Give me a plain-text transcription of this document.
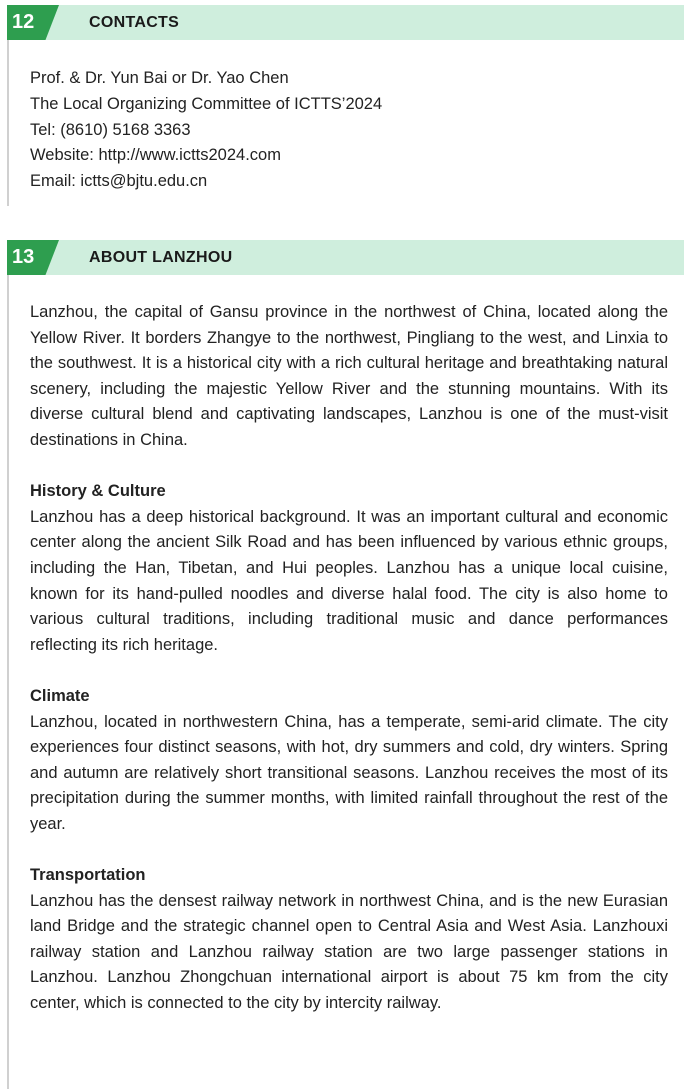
12	CONTACTS
Prof. & Dr. Yun Bai or Dr. Yao Chen
The Local Organizing Committee of ICTTS’2024
Tel: (8610) 5168 3363
Website: http://www.ictts2024.com
Email: ictts@bjtu.edu.cn
13	ABOUT LANZHOU

Lanzhou, the capital of Gansu province in the northwest of China, located along the Yellow River. It borders Zhangye to the northwest, Pingliang to the west, and Linxia to the southwest. It is a historical city with a rich cultural heritage and breathtaking natural scenery, including the majestic Yellow River and the stunning mountains. With its diverse cultural blend and captivating landscapes, Lanzhou is one of the must-visit destinations in China.

History & Culture

Lanzhou has a deep historical background. It was an important cultural and economic center along the ancient Silk Road and has been influenced by various ethnic groups, including the Han, Tibetan, and Hui peoples. Lanzhou has a unique local cuisine, known for its hand-pulled noodles and diverse halal food. The city is also home to various cultural traditions, including traditional music and dance performances reflecting its rich heritage.

Climate

Lanzhou, located in northwestern China, has a temperate, semi-arid climate. The city experiences four distinct seasons, with hot, dry summers and cold, dry winters. Spring and autumn are relatively short transitional seasons. Lanzhou receives the most of its precipitation during the summer months, with limited rainfall throughout the rest of the year.

Transportation

Lanzhou has the densest railway network in northwest China, and is the new Eurasian land Bridge and the strategic channel open to Central Asia and West Asia. Lanzhouxi railway station and Lanzhou railway station are two large passenger stations in Lanzhou. Lanzhou Zhongchuan international airport is about 75 km from the city center, which is connected to the city by intercity railway.
